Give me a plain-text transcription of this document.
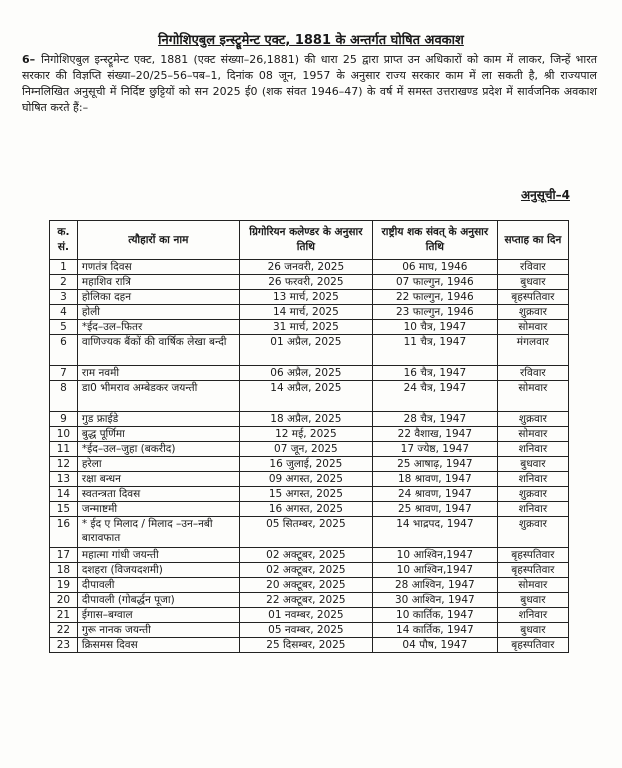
निगोशिएबुल इन्स्ट्रूमेन्ट एक्ट, 1881 के अन्तर्गत घोषित अवकाश
6– निगोशिएबुल इन्स्ट्रूमेन्ट एक्ट, 1881 (एक्ट संख्या–26,1881) की धारा 25 द्वारा प्राप्त उन अधिकारों को काम में लाकर, जिन्हें भारत सरकार की विज्ञप्ति संख्या–20/25–56–पब–1, दिनांक 08 जून, 1957 के अनुसार राज्य सरकार काम में ला सकती है, श्री राज्यपाल निम्नलिखित अनुसूची में निर्दिष्ट छुट्टियों को सन 2025 ई0 (शक संवत 1946–47) के वर्ष में समस्त उत्तराखण्ड प्रदेश में सार्वजनिक अवकाश घोषित करते हैं:–
अनुसूची–4
क. सं.	त्यौहारों का नाम	ग्रिगोरियन कलेण्डर के अनुसार तिथि	राष्ट्रीय शक संवत् के अनुसार तिथि	सप्ताह का दिन
1	गणतंत्र दिवस	26 जनवरी, 2025	06 माघ, 1946	रविवार
2	महाशिव रात्रि	26 फरवरी, 2025	07 फाल्गुन, 1946	बुधवार
3	होलिका दहन	13 मार्च, 2025	22 फाल्गुन, 1946	बृहस्पतिवार
4	होली	14 मार्च, 2025	23 फाल्गुन, 1946	शुक्रवार
5	*ईद–उल–फितर	31 मार्च, 2025	10 चैत्र, 1947	सोमवार
6	वाणिज्यक बैंकों की वार्षिक लेखा बन्दी	01 अप्रैल, 2025	11 चैत्र, 1947	मंगलवार
7	राम नवमी	06 अप्रैल, 2025	16 चैत्र, 1947	रविवार
8	डा0 भीमराव अम्बेडकर जयन्ती	14 अप्रैल, 2025	24 चैत्र, 1947	सोमवार
9	गुड फ्राईडे	18 अप्रैल, 2025	28 चैत्र, 1947	शुक्रवार
10	बुद्ध पूर्णिमा	12 मई, 2025	22 वैशाख, 1947	सोमवार
11	*ईद–उल–जुहा (बकरीद)	07 जून, 2025	17 ज्येष्ठ, 1947	शनिवार
12	हरेला	16 जुलाई, 2025	25 आषाढ़, 1947	बुधवार
13	रक्षा बन्धन	09 अगस्त, 2025	18 श्रावण, 1947	शनिवार
14	स्वतन्त्रता दिवस	15 अगस्त, 2025	24 श्रावण, 1947	शुक्रवार
15	जन्माष्टमी	16 अगस्त, 2025	25 श्रावण, 1947	शनिवार
16	* ईद ए मिलाद / मिलाद –उन–नबी बारावफात	05 सितम्बर, 2025	14 भाद्रपद, 1947	शुक्रवार
17	महात्मा गांधी जयन्ती	02 अक्टूबर, 2025	10 आश्विन,1947	बृहस्पतिवार
18	दशहरा (विजयदशमी)	02 अक्टूबर, 2025	10 आश्विन,1947	बृहस्पतिवार
19	दीपावली	20 अक्टूबर, 2025	28 आश्विन, 1947	सोमवार
20	दीपावली (गोबर्द्धन पूजा)	22 अक्टूबर, 2025	30 आश्विन, 1947	बुधवार
21	ईगास–बग्वाल	01 नवम्बर, 2025	10 कार्तिक, 1947	शनिवार
22	गुरू नानक जयन्ती	05 नवम्बर, 2025	14 कार्तिक, 1947	बुधवार
23	क्रिसमस दिवस	25 दिसम्बर, 2025	04 पौष, 1947	बृहस्पतिवार
